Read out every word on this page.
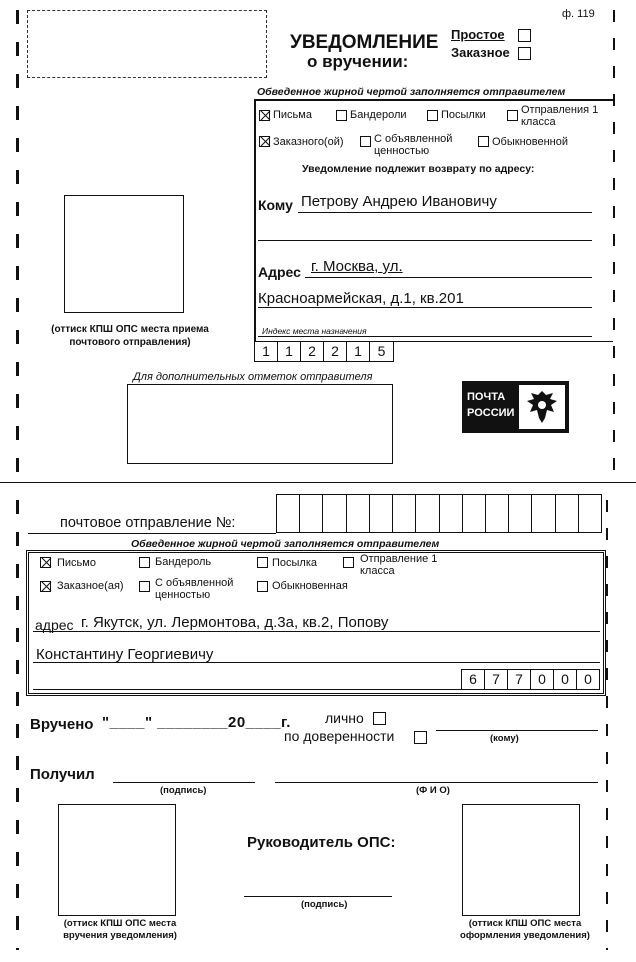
ф. 119
УВЕДОМЛЕНИЕ
о вручении:
Простое
Заказное
Обведенное жирной чертой заполняется отправителем
Письма	Бандероли	Посылки	Отправления 1 класса
Заказного(ой)	С объявленной ценностью
Обыкновенной
Уведомление подлежит возврату по адресу:
Кому Петрову Андрею Ивановичу
Адрес г. Москва, ул.
Красноармейская, д.1, кв.201
Индекс места назначения
1	1	2	2	1	5
(оттиск КПШ ОПС места приема почтового отправления)
Для дополнительных отметок отправителя
ПОЧТА
РОССИИ
почтовое отправление №:
Обведенное жирной чертой заполняется отправителем
Письмо	Бандероль	Посылка	Отправление 1 класса
Заказное(ая)	С объявленной ценностью
Обыкновенная
адрес г. Якутск, ул. Лермонтова, д.3а, кв.2, Попову
Константину Георгиевичу
6	7	7	0	0	0
Вручено "____" ________20____г. лично
по доверенности	(кому)
Получил
(подпись)	(Ф И О)
(оттиск КПШ ОПС места вручения уведомления)
Руководитель ОПС:
(подпись)
(оттиск КПШ ОПС места оформления уведомления)
